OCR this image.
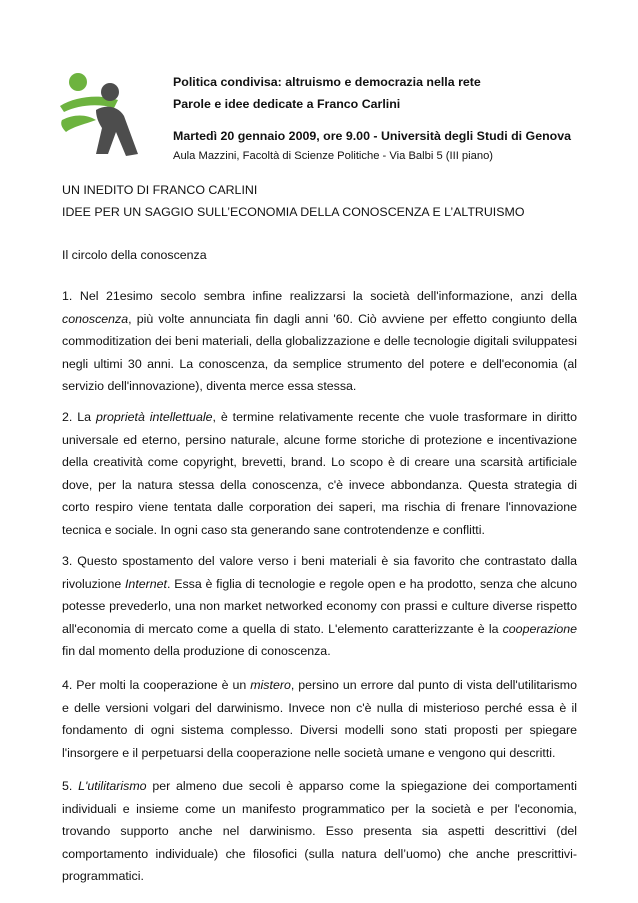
Politica condivisa: altruismo e democrazia nella rete
Parole e idee dedicate a Franco Carlini
Martedì 20 gennaio 2009, ore 9.00 - Università degli Studi di Genova
Aula Mazzini, Facoltà di Scienze Politiche - Via Balbi 5 (III piano)
UN INEDITO DI FRANCO CARLINI
IDEE PER UN SAGGIO SULL’ECONOMIA DELLA CONOSCENZA E L’ALTRUISMO
Il circolo della conoscenza

1. Nel 21esimo secolo sembra infine realizzarsi la società dell'informazione, anzi della conoscenza, più volte annunciata fin dagli anni '60. Ciò avviene per effetto congiunto della commoditization dei beni materiali, della globalizzazione e delle tecnologie digitali sviluppatesi negli ultimi 30 anni. La conoscenza, da semplice strumento del potere e dell'economia (al servizio dell'innovazione), diventa merce essa stessa.

2. La proprietà intellettuale, è termine relativamente recente che vuole trasformare in diritto universale ed eterno, persino naturale, alcune forme storiche di protezione e incentivazione della creatività come copyright, brevetti, brand. Lo scopo è di creare una scarsità artificiale dove, per la natura stessa della conoscenza, c'è invece abbondanza. Questa strategia di corto respiro viene tentata dalle corporation dei saperi, ma rischia di frenare l'innovazione tecnica e sociale. In ogni caso sta generando sane controtendenze e conflitti.

3. Questo spostamento del valore verso i beni materiali è sia favorito che contrastato dalla rivoluzione Internet. Essa è figlia di tecnologie e regole open e ha prodotto, senza che alcuno potesse prevederlo, una non market networked economy con prassi e culture diverse rispetto all'economia di mercato come a quella di stato. L'elemento caratterizzante è la cooperazione fin dal momento della produzione di conoscenza.

4. Per molti la cooperazione è un mistero, persino un errore dal punto di vista dell'utilitarismo e delle versioni volgari del darwinismo. Invece non c'è nulla di misterioso perché essa è il fondamento di ogni sistema complesso. Diversi modelli sono stati proposti per spiegare l'insorgere e il perpetuarsi della cooperazione nelle società umane e vengono qui descritti.

5. L'utilitarismo per almeno due secoli è apparso come la spiegazione dei comportamenti individuali e insieme come un manifesto programmatico per la società e per l'economia, trovando supporto anche nel darwinismo. Esso presenta sia aspetti descrittivi (del comportamento individuale) che filosofici (sulla natura dell’uomo) che anche prescrittivi-programmatici.
